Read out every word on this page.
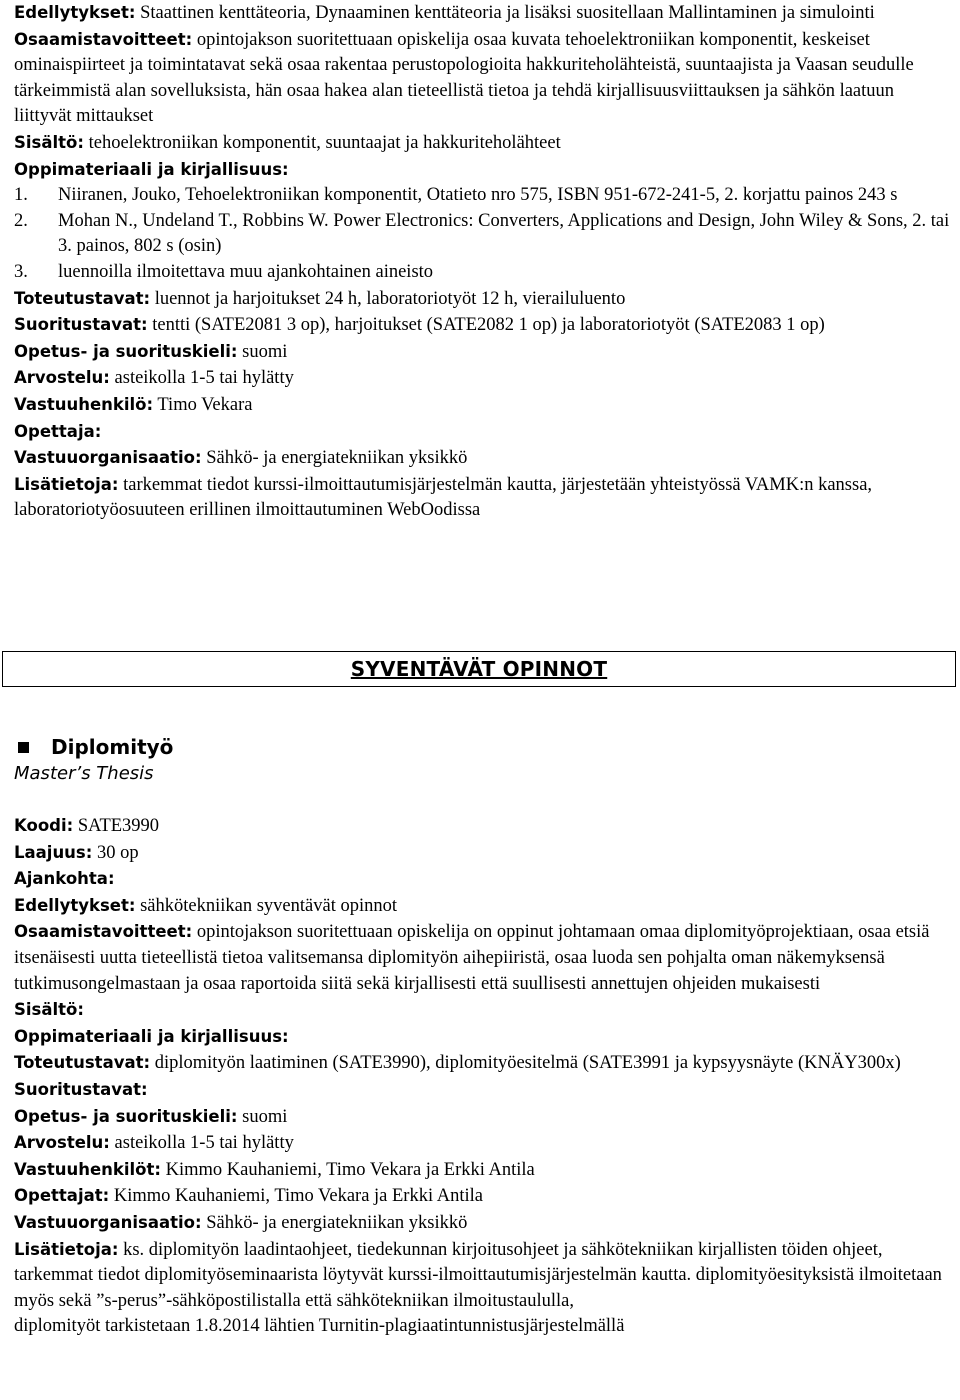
Edellytykset: Staattinen kenttäteoria, Dynaaminen kenttäteoria ja lisäksi suositellaan Mallintaminen ja simulointi

Osaamistavoitteet: opintojakson suoritettuaan opiskelija osaa kuvata tehoelektroniikan komponentit, keskeiset ominaispiirteet ja toimintatavat sekä osaa rakentaa perustopologioita hakkuriteholähteistä, suuntaajista ja Vaasan seudulle tärkeimmistä alan sovelluksista, hän osaa hakea alan tieteellistä tietoa ja tehdä kirjallisuusviittauksen ja sähkön laatuun liittyvät mittaukset

Sisältö: tehoelektroniikan komponentit, suuntaajat ja hakkuriteholähteet

Oppimateriaali ja kirjallisuus:

1. Niiranen, Jouko, Tehoelektroniikan komponentit, Otatieto nro 575, ISBN 951-672-241-5, 2. korjattu painos 243 s
2. Mohan N., Undeland T., Robbins W. Power Electronics: Converters, Applications and Design, John Wiley & Sons, 2. tai 3. painos, 802 s (osin)
3. luennoilla ilmoitettava muu ajankohtainen aineisto

Toteutustavat: luennot ja harjoitukset 24 h, laboratoriotyöt 12 h, vierailuluento

Suoritustavat: tentti (SATE2081 3 op), harjoitukset (SATE2082 1 op) ja laboratoriotyöt (SATE2083 1 op)

Opetus- ja suorituskieli: suomi

Arvostelu: asteikolla 1-5 tai hylätty

Vastuuhenkilö: Timo Vekara

Opettaja:

Vastuuorganisaatio: Sähkö- ja energiatekniikan yksikkö

Lisätietoja: tarkemmat tiedot kurssi-ilmoittautumisjärjestelmän kautta, järjestetään yhteistyössä VAMK:n kanssa, laboratoriotyöosuuteen erillinen ilmoittautuminen WebOodissa

SYVENTÄVÄT OPINNOT
Diplomityö

Master’s Thesis

Koodi: SATE3990

Laajuus: 30 op

Ajankohta:

Edellytykset: sähkötekniikan syventävät opinnot

Osaamistavoitteet: opintojakson suoritettuaan opiskelija on oppinut johtamaan omaa diplomityöprojektiaan, osaa etsiä itsenäisesti uutta tieteellistä tietoa valitsemansa diplomityön aihepiiristä, osaa luoda sen pohjalta oman näkemyksensä tutkimusongelmastaan ja osaa raportoida siitä sekä kirjallisesti että suullisesti annettujen ohjeiden mukaisesti

Sisältö:

Oppimateriaali ja kirjallisuus:

Toteutustavat: diplomityön laatiminen (SATE3990), diplomityöesitelmä (SATE3991 ja kypsyysnäyte (KNÄY300x)

Suoritustavat:

Opetus- ja suorituskieli: suomi

Arvostelu: asteikolla 1-5 tai hylätty

Vastuuhenkilöt: Kimmo Kauhaniemi, Timo Vekara ja Erkki Antila

Opettajat: Kimmo Kauhaniemi, Timo Vekara ja Erkki Antila

Vastuuorganisaatio: Sähkö- ja energiatekniikan yksikkö

Lisätietoja: ks. diplomityön laadintaohjeet, tiedekunnan kirjoitusohjeet ja sähkötekniikan kirjallisten töiden ohjeet, tarkemmat tiedot diplomityöseminaarista löytyvät kurssi-ilmoittautumisjärjestelmän kautta. diplomityöesityksistä ilmoitetaan myös sekä ”s-perus”-sähköpostilistalla että sähkötekniikan ilmoitustaululla,

diplomityöt tarkistetaan 1.8.2014 lähtien Turnitin-plagiaatintunnistusjärjestelmällä
